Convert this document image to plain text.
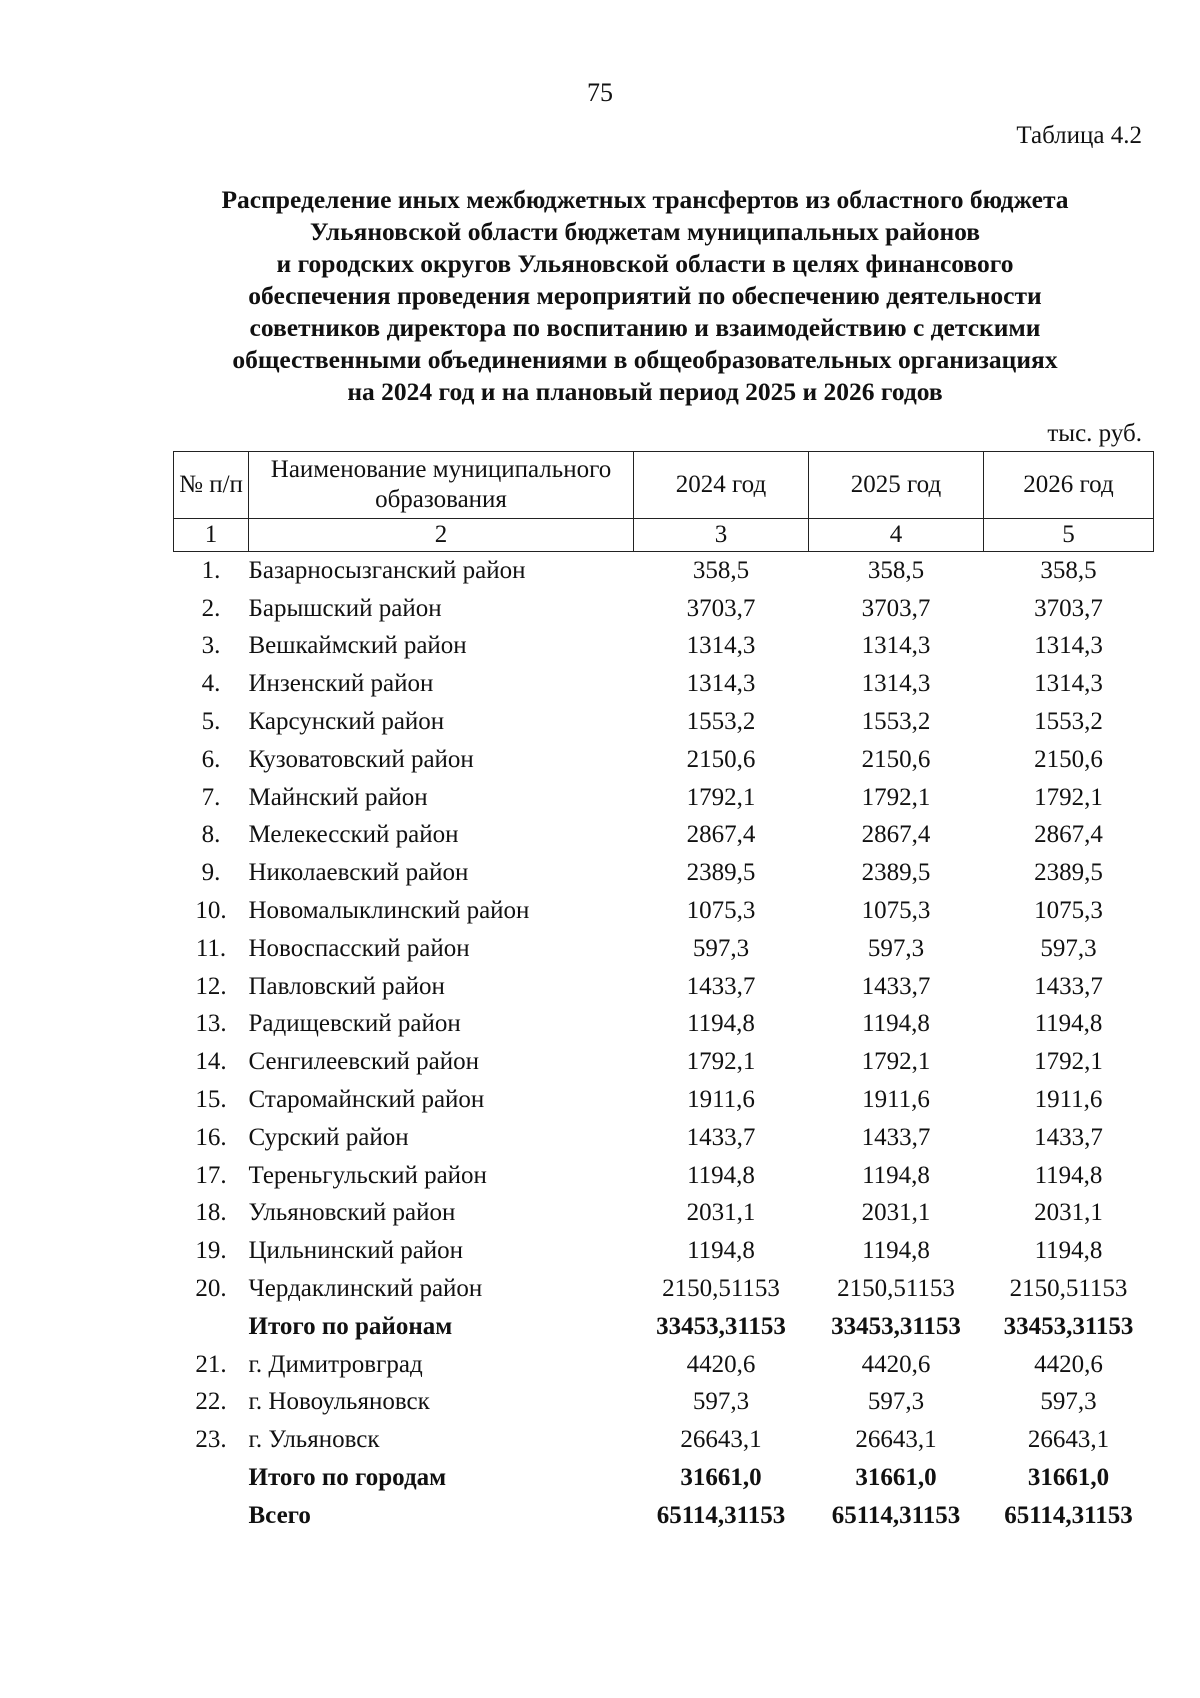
75
Таблица 4.2
Распределение иных межбюджетных трансфертов из областного бюджета
Ульяновской области бюджетам муниципальных районов
и городских округов Ульяновской области в целях финансового
обеспечения проведения мероприятий по обеспечению деятельности
советников директора по воспитанию и взаимодействию с детскими
общественными объединениями в общеобразовательных организациях
на 2024 год и на плановый период 2025 и 2026 годов
тыс. руб.
№ п/п	Наименование муниципального образования	2024 год	2025 год	2026 год
1	2	3	4	5
1.	Базарносызганский район	358,5	358,5	358,5
2.	Барышский район	3703,7	3703,7	3703,7
3.	Вешкаймский район	1314,3	1314,3	1314,3
4.	Инзенский район	1314,3	1314,3	1314,3
5.	Карсунский район	1553,2	1553,2	1553,2
6.	Кузоватовский район	2150,6	2150,6	2150,6
7.	Майнский район	1792,1	1792,1	1792,1
8.	Мелекесский район	2867,4	2867,4	2867,4
9.	Николаевский район	2389,5	2389,5	2389,5
10.	Новомалыклинский район	1075,3	1075,3	1075,3
11.	Новоспасский район	597,3	597,3	597,3
12.	Павловский район	1433,7	1433,7	1433,7
13.	Радищевский район	1194,8	1194,8	1194,8
14.	Сенгилеевский район	1792,1	1792,1	1792,1
15.	Старомайнский район	1911,6	1911,6	1911,6
16.	Сурский район	1433,7	1433,7	1433,7
17.	Тереньгульский район	1194,8	1194,8	1194,8
18.	Ульяновский район	2031,1	2031,1	2031,1
19.	Цильнинский район	1194,8	1194,8	1194,8
20.	Чердаклинский район	2150,51153	2150,51153	2150,51153
	Итого по районам	33453,31153	33453,31153	33453,31153
21.	г. Димитровград	4420,6	4420,6	4420,6
22.	г. Новоульяновск	597,3	597,3	597,3
23.	г. Ульяновск	26643,1	26643,1	26643,1
	Итого по городам	31661,0	31661,0	31661,0
	Всего	65114,31153	65114,31153	65114,31153
